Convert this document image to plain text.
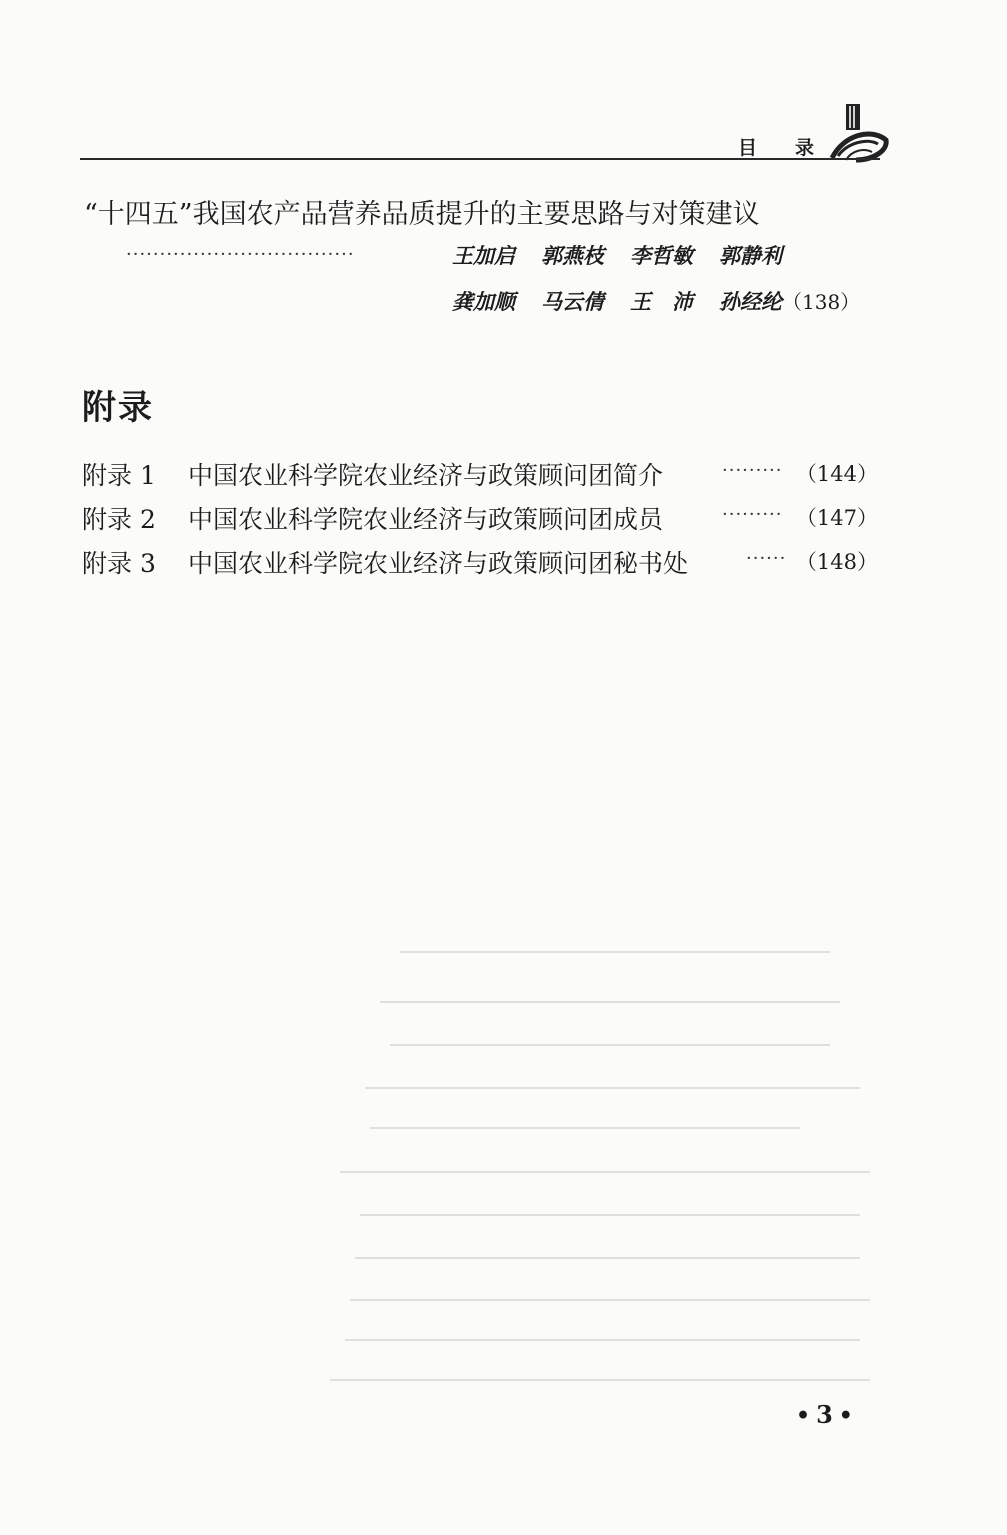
目 录
“十四五”我国农产品营养品质提升的主要思路与对策建议
··································	王加启 郭燕枝 李哲敏 郭静利
龚加顺 马云倩 王　沛 孙经纶（138）
附录
附录 1 中国农业科学院农业经济与政策顾问团简介	········· （144）
附录 2 中国农业科学院农业经济与政策顾问团成员	········· （147）
附录 3 中国农业科学院农业经济与政策顾问团秘书处	······ （148）
• 3 •
